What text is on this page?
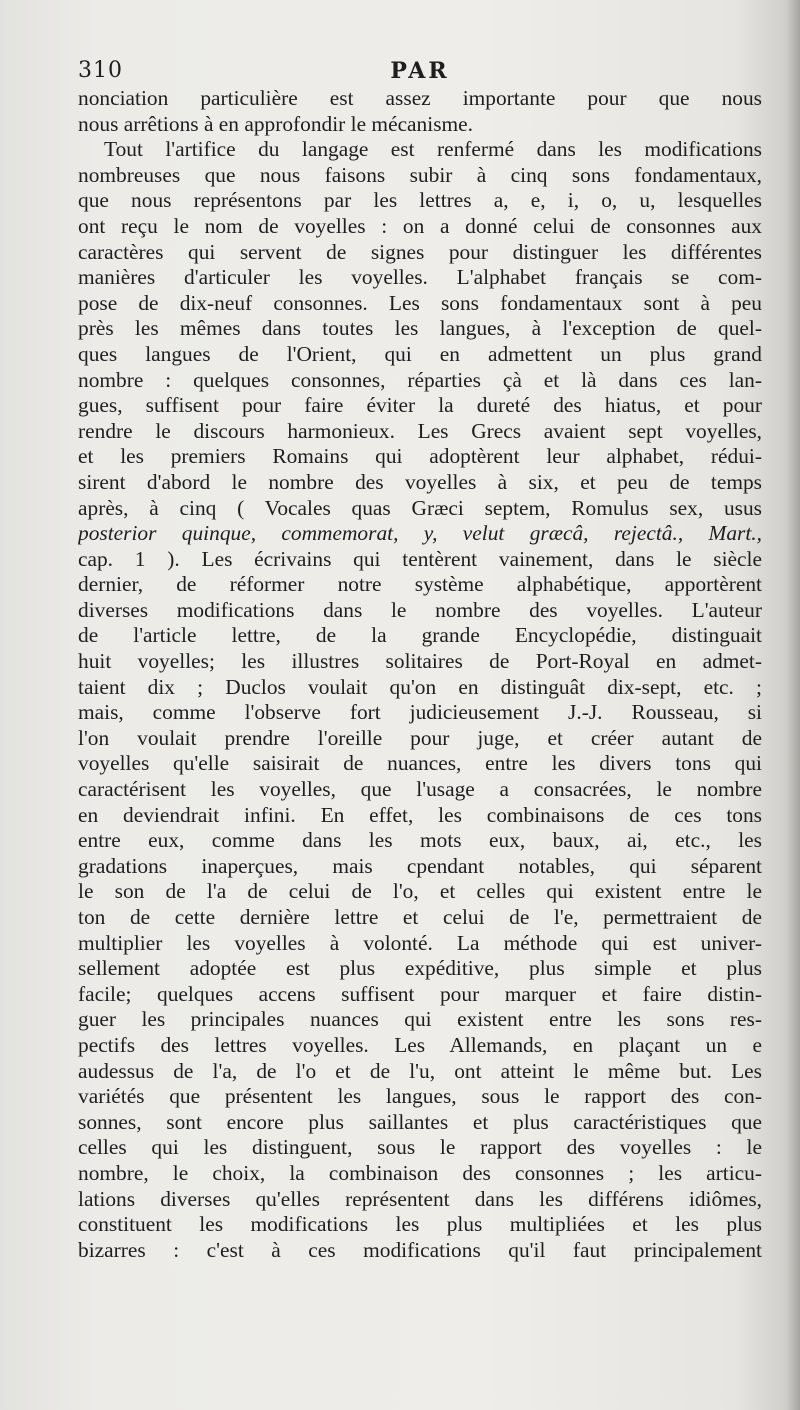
310	PAR
nonciation particulière est assez importante pour que nous
nous arrêtions à en approfondir le mécanisme.
Tout l'artifice du langage est renfermé dans les modifications
nombreuses que nous faisons subir à cinq sons fondamentaux,
que nous représentons par les lettres a, e, i, o, u, lesquelles
ont reçu le nom de voyelles : on a donné celui de consonnes aux
caractères qui servent de signes pour distinguer les différentes
manières d'articuler les voyelles. L'alphabet français se com-
pose de dix-neuf consonnes. Les sons fondamentaux sont à peu
près les mêmes dans toutes les langues, à l'exception de quel-
ques langues de l'Orient, qui en admettent un plus grand
nombre : quelques consonnes, réparties çà et là dans ces lan-
gues, suffisent pour faire éviter la dureté des hiatus, et pour
rendre le discours harmonieux. Les Grecs avaient sept voyelles,
et les premiers Romains qui adoptèrent leur alphabet, rédui-
sirent d'abord le nombre des voyelles à six, et peu de temps
après, à cinq ( Vocales quas Græci septem, Romulus sex, usus
posterior quinque, commemorat, y, velut græcâ, rejectâ., Mart.,
cap. 1 ). Les écrivains qui tentèrent vainement, dans le siècle
dernier, de réformer notre système alphabétique, apportèrent
diverses modifications dans le nombre des voyelles. L'auteur
de l'article lettre, de la grande Encyclopédie, distinguait
huit voyelles; les illustres solitaires de Port-Royal en admet-
taient dix ; Duclos voulait qu'on en distinguât dix-sept, etc. ;
mais, comme l'observe fort judicieusement J.-J. Rousseau, si
l'on voulait prendre l'oreille pour juge, et créer autant de
voyelles qu'elle saisirait de nuances, entre les divers tons qui
caractérisent les voyelles, que l'usage a consacrées, le nombre
en deviendrait infini. En effet, les combinaisons de ces tons
entre eux, comme dans les mots eux, baux, ai, etc., les
gradations inaperçues, mais cpendant notables, qui séparent
le son de l'a de celui de l'o, et celles qui existent entre le
ton de cette dernière lettre et celui de l'e, permettraient de
multiplier les voyelles à volonté. La méthode qui est univer-
sellement adoptée est plus expéditive, plus simple et plus
facile; quelques accens suffisent pour marquer et faire distin-
guer les principales nuances qui existent entre les sons res-
pectifs des lettres voyelles. Les Allemands, en plaçant un e
audessus de l'a, de l'o et de l'u, ont atteint le même but. Les
variétés que présentent les langues, sous le rapport des con-
sonnes, sont encore plus saillantes et plus caractéristiques que
celles qui les distinguent, sous le rapport des voyelles : le
nombre, le choix, la combinaison des consonnes ; les articu-
lations diverses qu'elles représentent dans les différens idiômes,
constituent les modifications les plus multipliées et les plus
bizarres : c'est à ces modifications qu'il faut principalement
